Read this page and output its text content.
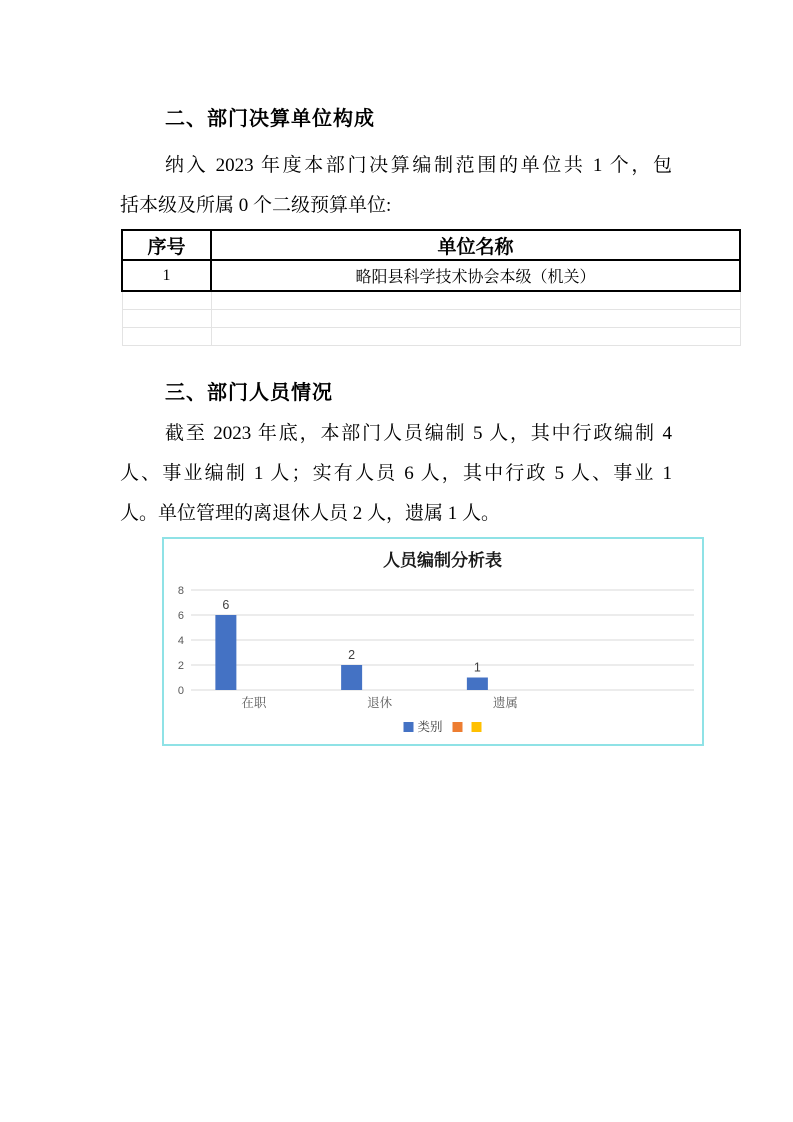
二、部门决算单位构成
纳入 2023 年度本部门决算编制范围的单位共 1 个，包
括本级及所属 0 个二级预算单位:
序号	单位名称
1	略阳县科学技术协会本级（机关）

三、部门人员情况
截至 2023 年底，本部门人员编制 5 人，其中行政编制 4
人、事业编制 1 人；实有人员 6 人，其中行政 5 人、事业 1
人。单位管理的离退休人员 2 人，遗属 1 人。
人员编制分析表
0
2
4
6
8
在职
6
退休
2
遗属
1
类别
